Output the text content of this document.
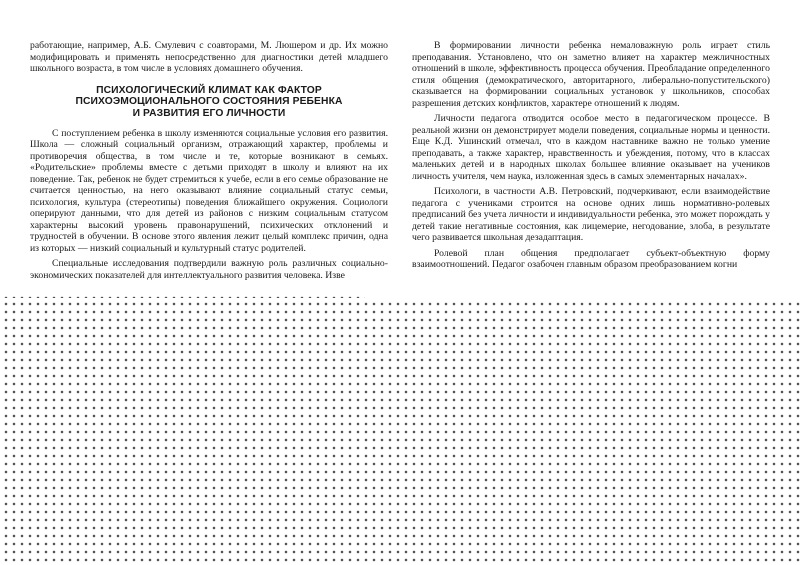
работающие, например, А.Б. Смулевич с соавторами, М. Люшером и др. Их можно модифицировать и применять непосредственно для диагностики детей младшего школьного возраста, в том числе в условиях домашнего обучения.

ПСИХОЛОГИЧЕСКИЙ КЛИМАТ КАК ФАКТОР
ПСИХОЭМОЦИОНАЛЬНОГО СОСТОЯНИЯ РЕБЕНКА
И РАЗВИТИЯ ЕГО ЛИЧНОСТИ

С поступлением ребенка в школу изменяются социальные условия его развития. Школа — сложный социальный организм, отражающий характер, проблемы и противоречия общества, в том числе и те, которые возникают в семьях. «Родительские» проблемы вместе с детьми приходят в школу и влияют на их поведение. Так, ребенок не будет стремиться к учебе, если в его семье образование не считается ценностью, на него оказывают влияние социальный статус семьи, психология, культура (стереотипы) поведения ближайшего окружения. Социологи оперируют данными, что для детей из районов с низким социальным статусом характерны высокий уровень правонарушений, психических отклонений и трудностей в обучении. В основе этого явления лежит целый комплекс причин, одна из которых — низкий социальный и культурный статус родителей.

Специальные исследования подтвердили важную роль различных социально-экономических показателей для интеллектуального развития человека. Изве

В формировании личности ребенка немаловажную роль играет стиль преподавания. Установлено, что он заметно влияет на характер межличностных отношений в школе, эффективность процесса обучения. Преобладание определенного стиля общения (демократического, авторитарного, либерально-попустительского) сказывается на формировании социальных установок у школьников, способах разрешения детских конфликтов, характере отношений к людям.

Личности педагога отводится особое место в педагогическом процессе. В реальной жизни он демонстрирует модели поведения, социальные нормы и ценности. Еще К.Д. Ушинский отмечал, что в каждом наставнике важно не только умение преподавать, а также характер, нравственность и убеждения, потому, что в классах маленьких детей и в народных школах большее влияние оказывает на учеников личность учителя, чем наука, изложенная здесь в самых элементарных началах».

Психологи, в частности А.В. Петровский, подчеркивают, если взаимодействие педагога с учениками строится на основе одних лишь нормативно-ролевых предписаний без учета личности и индивидуальности ребенка, это может порождать у детей такие негативные состояния, как лицемерие, негодование, злоба, в результате чего развивается школьная дезадаптация.

Ролевой план общения предполагает субъект-объектную форму взаимоотношений. Педагог озабочен главным образом преобразованием когни
